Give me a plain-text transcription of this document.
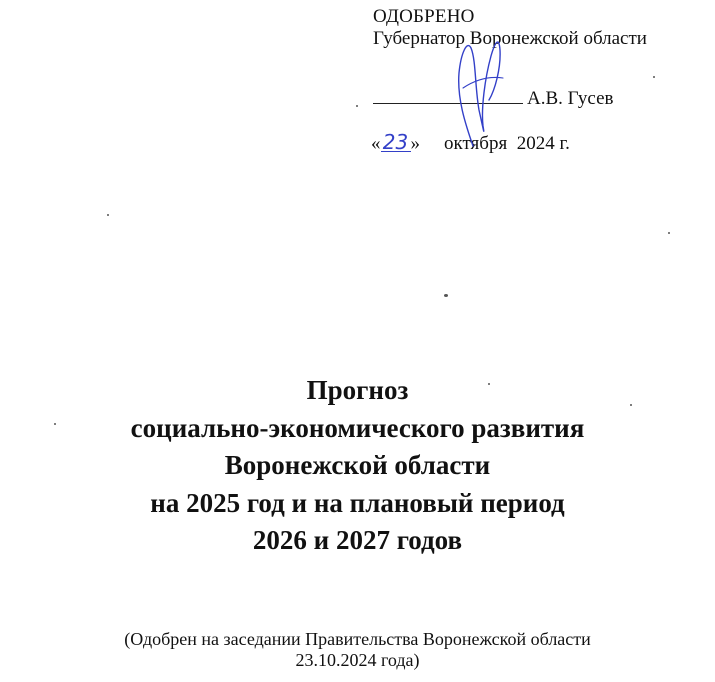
ОДОБРЕНО
Губернатор Воронежской области
А.В. Гусев
« 23 » октября 2024 г.
Прогноз
социально-экономического развития
Воронежской области
на 2025 год и на плановый период
2026 и 2027 годов
(Одобрен на заседании Правительства Воронежской области
23.10.2024 года)
